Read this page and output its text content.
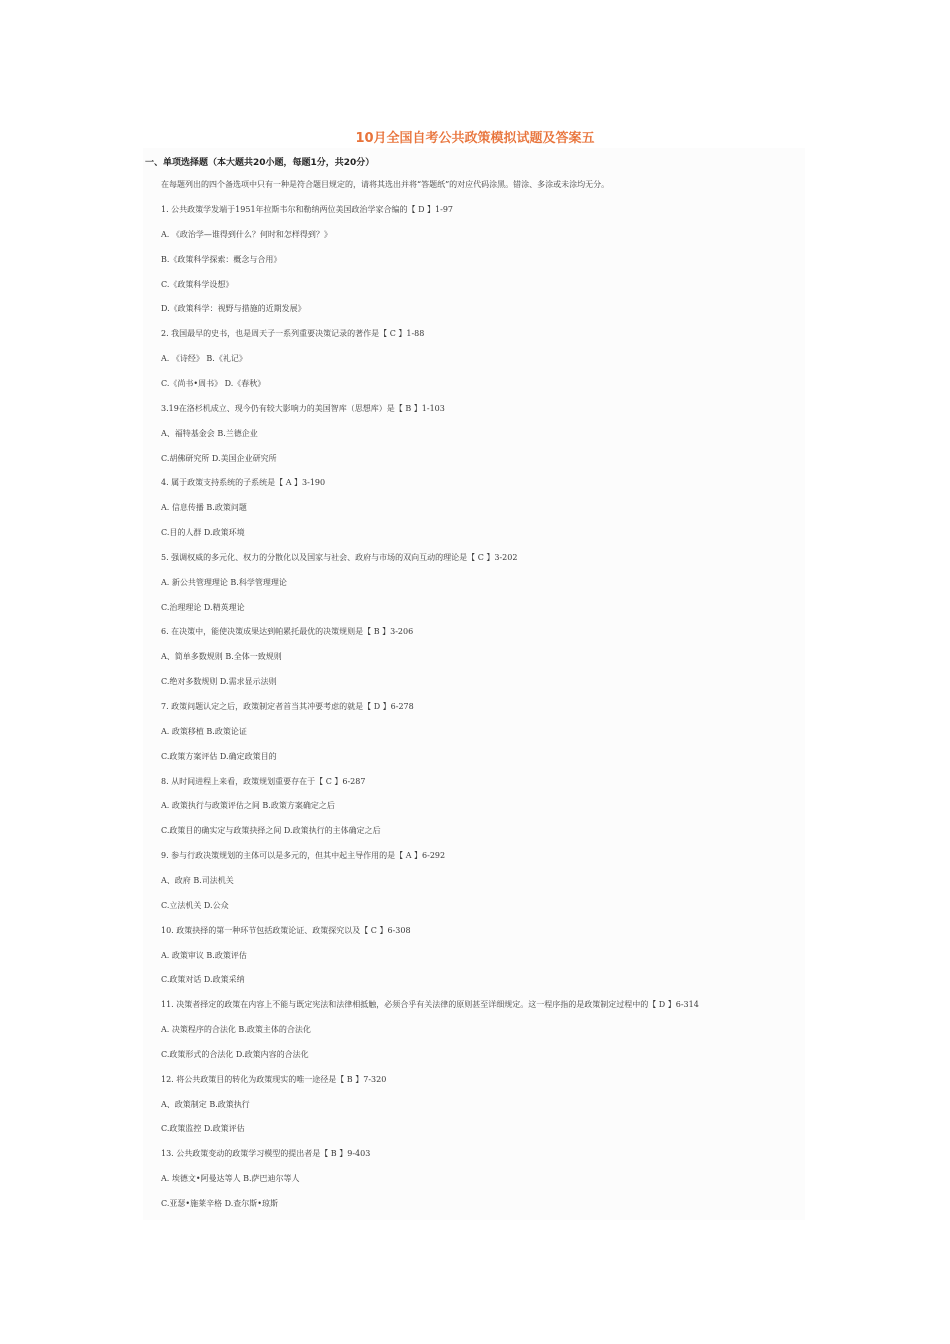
10月全国自考公共政策模拟试题及答案五
一、单项选择题（本大题共20小题，每题1分，共20分）
在每题列出的四个备选项中只有一种是符合题目规定的，请将其选出并将“答题纸”的对应代码涂黑。错涂、多涂或未涂均无分。
1. 公共政策学发端于1951年拉斯韦尔和勒纳两位美国政治学家合编的【 D 】1-97
A. 《政治学—谁得到什么？何时和怎样得到？》
B.《政策科学探索：概念与合用》
C.《政策科学设想》
D.《政策科学：视野与措施的近期发展》
2. 我国最早的史书，也是周天子一系列重要决策记录的著作是【 C 】1-88
A. 《诗经》 B.《礼记》
C.《尚书•周书》 D.《春秋》
3.19在洛杉机成立、现今仍有较大影响力的美国智库（思想库）是【 B 】1-103
A、福特基金会 B.兰德企业
C.胡佛研究所 D.美国企业研究所
4. 属于政策支持系统的子系统是【 A 】3-190
A. 信息传播 B.政策问题
C.目的人群 D.政策环境
5. 强调权威的多元化、权力的分散化以及国家与社会、政府与市场的双向互动的理论是【 C 】3-202
A. 新公共管理理论 B.科学管理理论
C.治理理论 D.精英理论
6. 在决策中，能使决策成果达到帕累托最优的决策规则是【 B 】3-206
A、简单多数规则 B.全体一致规则
C.绝对多数规则 D.需求显示法则
7. 政策问题认定之后，政策制定者首当其冲要考虑的就是【 D 】6-278
A. 政策移植 B.政策论证
C.政策方案评估 D.确定政策目的
8. 从时间进程上来看，政策规划重要存在于【 C 】6-287
A. 政策执行与政策评估之间 B.政策方案确定之后
C.政策目的确实定与政策抉择之间 D.政策执行的主体确定之后
9. 参与行政决策规划的主体可以是多元的，但其中起主导作用的是【 A 】6-292
A、政府 B.司法机关
C.立法机关 D.公众
10. 政策抉择的第一种环节包括政策论证、政策探究以及【 C 】6-308
A. 政策审议 B.政策评估
C.政策对话 D.政策采纳
11. 决策者择定的政策在内容上不能与既定宪法和法律相抵触，必须合乎有关法律的原则甚至详细规定。这一程序指的是政策制定过程中的【 D 】6-314
A. 决策程序的合法化 B.政策主体的合法化
C.政策形式的合法化 D.政策内容的合法化
12. 将公共政策目的转化为政策现实的唯一途径是【 B 】7-320
A、政策制定 B.政策执行
C.政策监控 D.政策评估
13. 公共政策变动的政策学习模型的提出者是【 B 】9-403
A. 埃德文•阿曼达等人 B.萨巴迪尔等人
C.亚瑟•施莱辛格 D.查尔斯•琼斯
